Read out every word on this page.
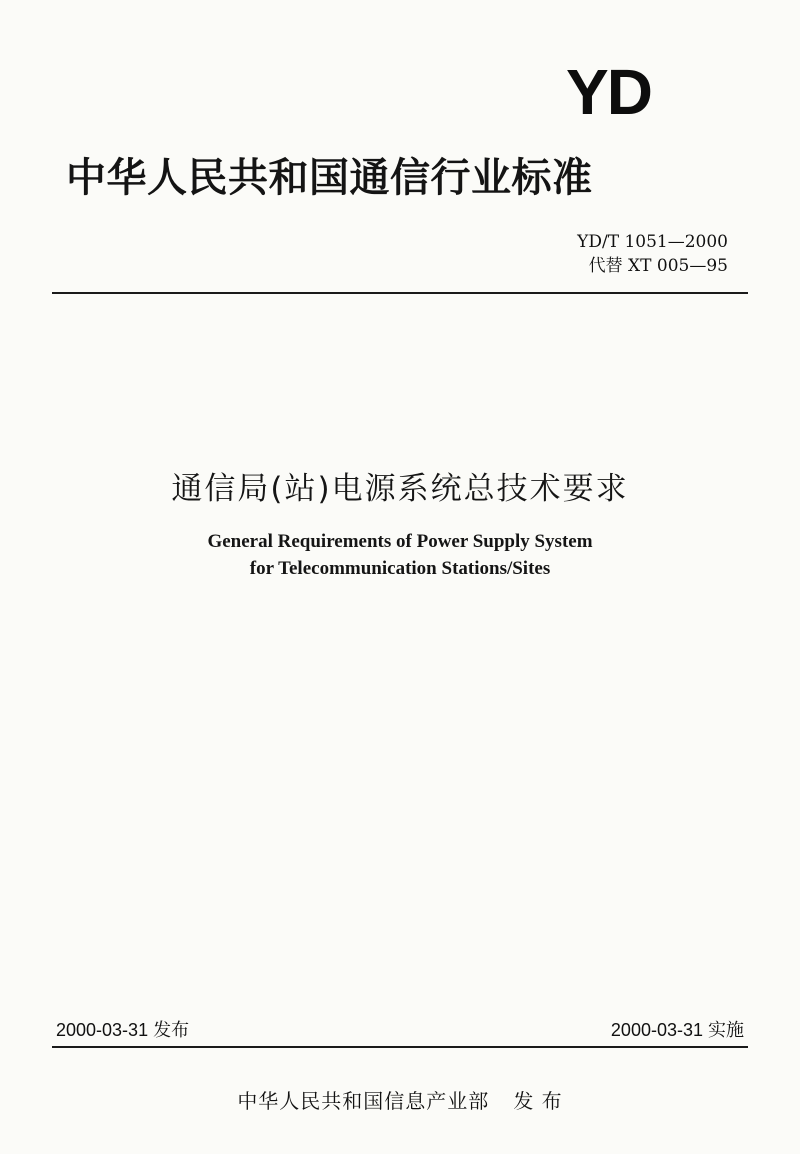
YD
中华人民共和国通信行业标准
YD/T 1051—2000
代替 XT 005—95
通信局(站)电源系统总技术要求
General Requirements of Power Supply System
for Telecommunication Stations/Sites
2000-03-31 发布	2000-03-31 实施
中华人民共和国信息产业部 发 布
